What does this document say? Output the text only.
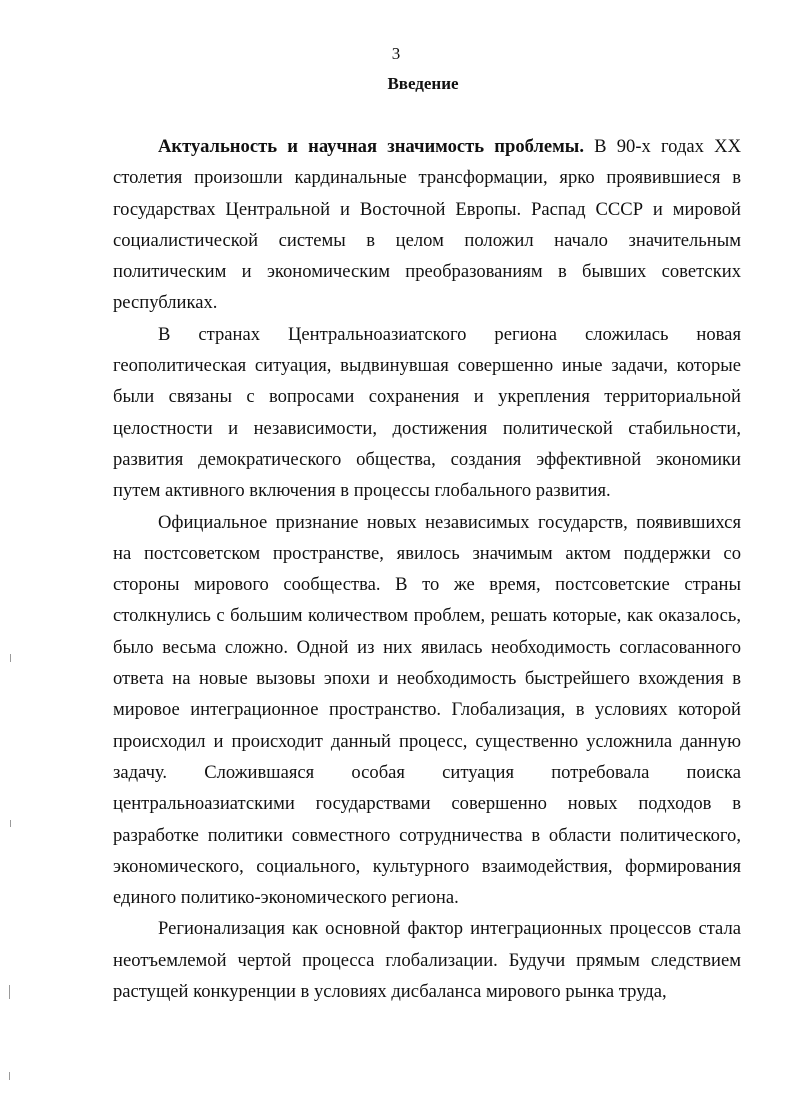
3
Введение

Актуальность и научная значимость проблемы. В 90-х годах XX столетия произошли кардинальные трансформации, ярко проявившиеся в государствах Центральной и Восточной Европы. Распад СССР и мировой социалистической системы в целом положил начало значительным политическим и экономическим преобразованиям в бывших советских республиках.

В странах Центральноазиатского региона сложилась новая геополитическая ситуация, выдвинувшая совершенно иные задачи, которые были связаны с вопросами сохранения и укрепления территориальной целостности и независимости, достижения политической стабильности, развития демократического общества, создания эффективной экономики путем активного включения в процессы глобального развития.

Официальное признание новых независимых государств, появившихся на постсоветском пространстве, явилось значимым актом поддержки со стороны мирового сообщества. В то же время, постсоветские страны столкнулись с большим количеством проблем, решать которые, как оказалось, было весьма сложно. Одной из них явилась необходимость согласованного ответа на новые вызовы эпохи и необходимость быстрейшего вхождения в мировое интеграционное пространство. Глобализация, в условиях которой происходил и происходит данный процесс, существенно усложнила данную задачу. Сложившаяся особая ситуация потребовала поиска центральноазиатскими государствами совершенно новых подходов в разработке политики совместного сотрудничества в области политического, экономического, социального, культурного взаимодействия, формирования единого политико-экономического региона.

Регионализация как основной фактор интеграционных процессов стала неотъемлемой чертой процесса глобализации. Будучи прямым следствием растущей конкуренции в условиях дисбаланса мирового рынка труда,
